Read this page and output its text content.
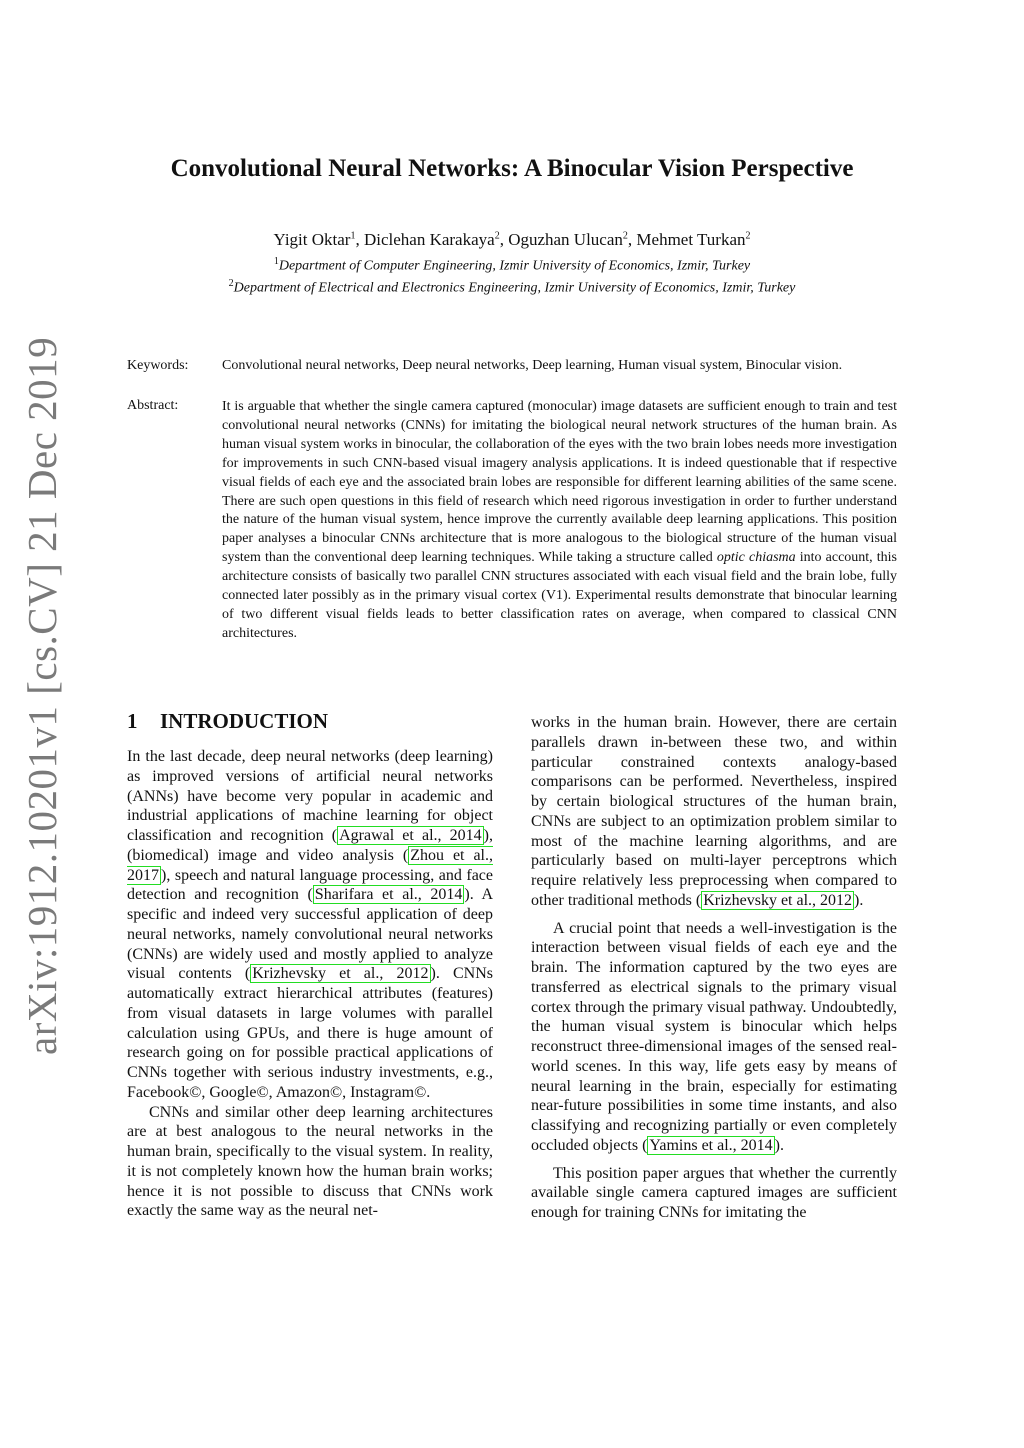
arXiv:1912.10201v1 [cs.CV] 21 Dec 2019
Convolutional Neural Networks: A Binocular Vision Perspective
Yigit Oktar$^1$, Diclehan Karakaya$^2$, Oguzhan Ulucan$^2$, Mehmet Turkan$^2$
$^1$Department of Computer Engineering, Izmir University of Economics, Izmir, Turkey
$^2$Department of Electrical and Electronics Engineering, Izmir University of Economics, Izmir, Turkey
Keywords: Convolutional neural networks, Deep neural networks, Deep learning, Human visual system, Binocular vision.
Abstract:	It is arguable that whether the single camera captured (monocular) image datasets are sufficient enough to train and test convolutional neural networks (CNNs) for imitating the biological neural network structures of the human brain. As human visual system works in binocular, the collaboration of the eyes with the two brain lobes needs more investigation for improvements in such CNN-based visual imagery analysis applications. It is indeed questionable that if respective visual fields of each eye and the associated brain lobes are responsible for different learning abilities of the same scene. There are such open questions in this field of research which need rigorous investigation in order to further understand the nature of the human visual system, hence improve the currently available deep learning applications. This position paper analyses a binocular CNNs architecture that is more analogous to the biological structure of the human visual system than the conventional deep learning techniques. While taking a structure called optic chiasma into account, this architecture consists of basically two parallel CNN structures associated with each visual field and the brain lobe, fully connected later possibly as in the primary visual cortex (V1). Experimental results demonstrate that binocular learning of two different visual fields leads to better classification rates on average, when compared to classical CNN architectures.
1 INTRODUCTION

In the last decade, deep neural networks (deep learning) as improved versions of artificial neural networks (ANNs) have become very popular in academic and industrial applications of machine learning for object classification and recognition ( Agrawal et al., 2014 ), (biomedical) image and video analysis ( Zhou et al., 2017 ), speech and natural language processing, and face detection and recognition ( Sharifara et al., 2014 ). A specific and indeed very successful application of deep neural networks, namely convolutional neural networks (CNNs) are widely used and mostly applied to analyze visual contents ( Krizhevsky et al., 2012 ). CNNs automatically extract hierarchical attributes (features) from visual datasets in large volumes with parallel calculation using GPUs, and there is huge amount of research going on for possible practical applications of CNNs together with serious industry investments, e.g., Facebook©, Google©, Amazon©, Instagram©.

CNNs and similar other deep learning architectures are at best analogous to the neural networks in the human brain, specifically to the visual system. In reality, it is not completely known how the human brain works; hence it is not possible to discuss that CNNs work exactly the same way as the neural net-

works in the human brain. However, there are certain parallels drawn in-between these two, and within particular constrained contexts analogy-based comparisons can be performed. Nevertheless, inspired by certain biological structures of the human brain, CNNs are subject to an optimization problem similar to most of the machine learning algorithms, and are particularly based on multi-layer perceptrons which require relatively less preprocessing when compared to other traditional methods ( Krizhevsky et al., 2012 ).

A crucial point that needs a well-investigation is the interaction between visual fields of each eye and the brain. The information captured by the two eyes are transferred as electrical signals to the primary visual cortex through the primary visual pathway. Undoubtedly, the human visual system is binocular which helps reconstruct three-dimensional images of the sensed real-world scenes. In this way, life gets easy by means of neural learning in the brain, especially for estimating near-future possibilities in some time instants, and also classifying and recognizing partially or even completely occluded objects ( Yamins et al., 2014 ).

This position paper argues that whether the currently available single camera captured images are sufficient enough for training CNNs for imitating the
